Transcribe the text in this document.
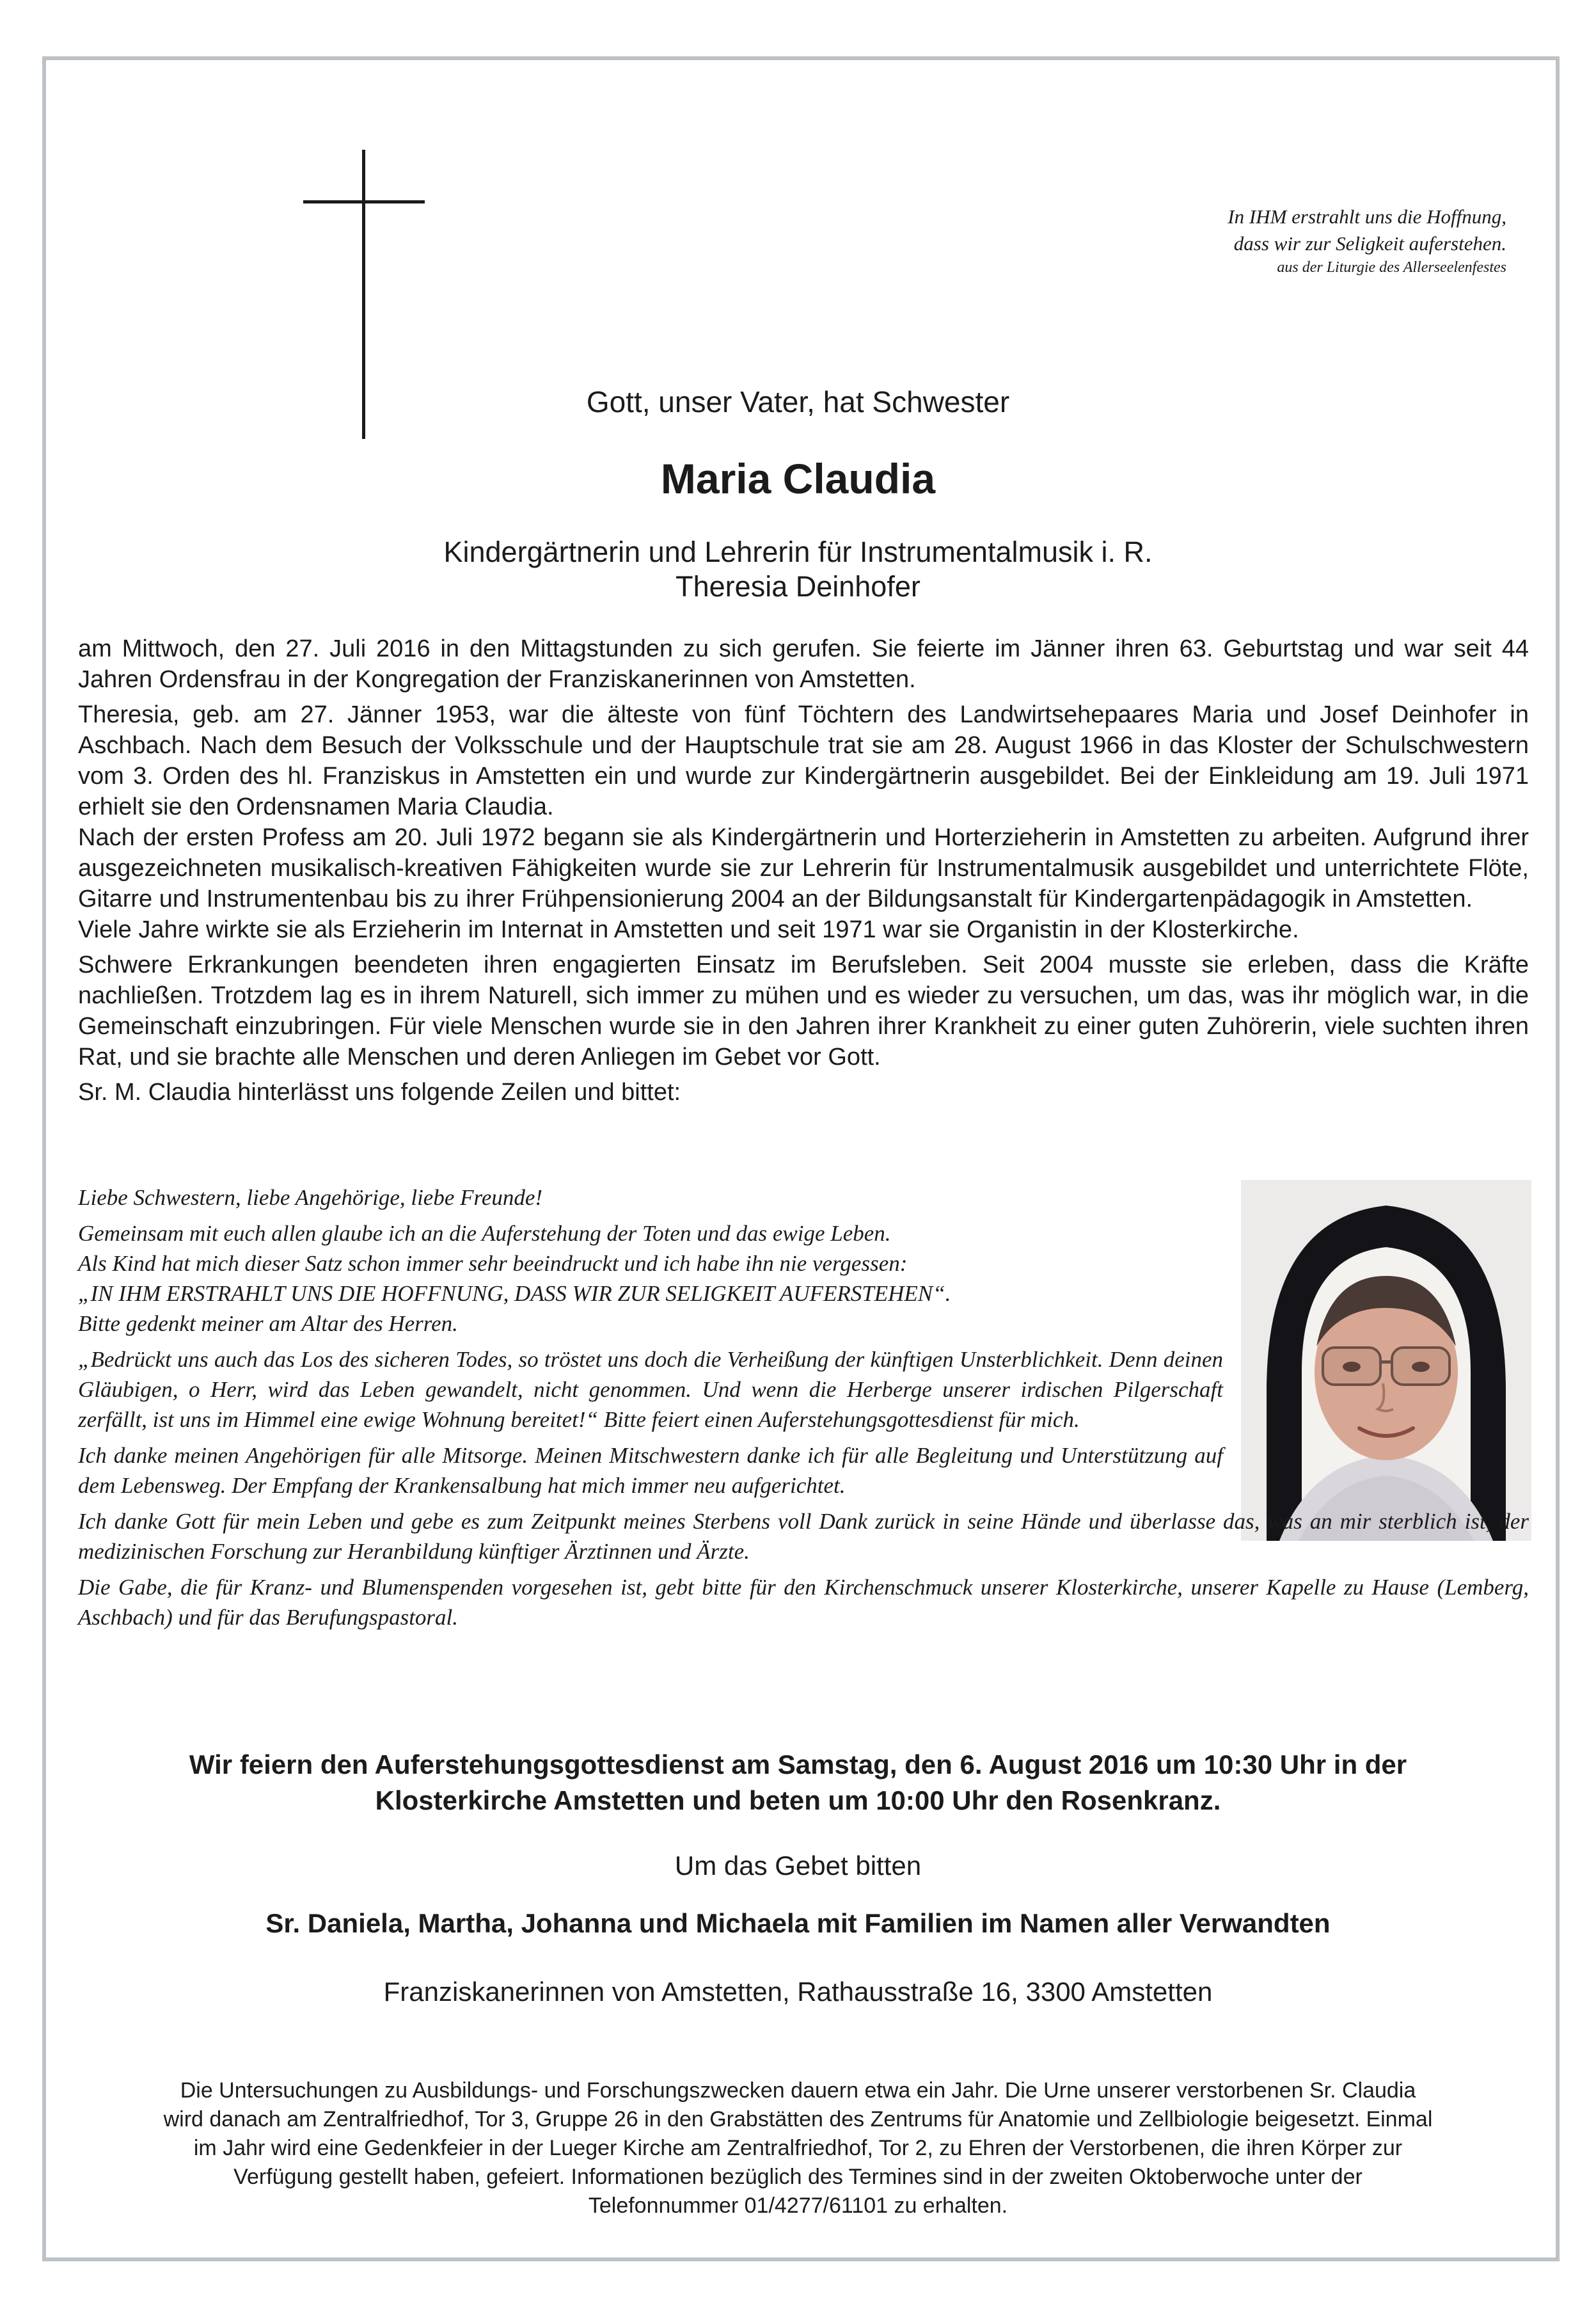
In IHM erstrahlt uns die Hoffnung,
dass wir zur Seligkeit auferstehen.
aus der Liturgie des Allerseelenfestes
Gott, unser Vater, hat Schwester
Maria Claudia
Kindergärtnerin und Lehrerin für Instrumentalmusik i. R.
Theresia Deinhofer

am Mittwoch, den 27. Juli 2016 in den Mittagstunden zu sich gerufen. Sie feierte im Jänner ihren 63. Geburtstag und war seit 44 Jahren Ordensfrau in der Kongregation der Franziskanerinnen von Amstetten.

Theresia, geb. am 27. Jänner 1953, war die älteste von fünf Töchtern des Landwirtsehepaares Maria und Josef Deinhofer in Aschbach. Nach dem Besuch der Volksschule und der Hauptschule trat sie am 28. August 1966 in das Kloster der Schulschwestern vom 3. Orden des hl. Franziskus in Amstetten ein und wurde zur Kindergärtnerin ausgebildet. Bei der Einkleidung am 19. Juli 1971 erhielt sie den Ordensnamen Maria Claudia.

Nach der ersten Profess am 20. Juli 1972 begann sie als Kindergärtnerin und Horterzieherin in Amstetten zu arbeiten. Aufgrund ihrer ausgezeichneten musikalisch-kreativen Fähigkeiten wurde sie zur Lehrerin für Instrumentalmusik ausgebildet und unterrichtete Flöte, Gitarre und Instrumentenbau bis zu ihrer Frühpensionierung 2004 an der Bildungsanstalt für Kindergartenpädagogik in Amstetten.

Viele Jahre wirkte sie als Erzieherin im Internat in Amstetten und seit 1971 war sie Organistin in der Klosterkirche.

Schwere Erkrankungen beendeten ihren engagierten Einsatz im Berufsleben. Seit 2004 musste sie erleben, dass die Kräfte nachließen. Trotzdem lag es in ihrem Naturell, sich immer zu mühen und es wieder zu versuchen, um das, was ihr möglich war, in die Gemeinschaft einzubringen. Für viele Menschen wurde sie in den Jahren ihrer Krankheit zu einer guten Zuhörerin, viele suchten ihren Rat, und sie brachte alle Menschen und deren Anliegen im Gebet vor Gott.

Sr. M. Claudia hinterlässt uns folgende Zeilen und bittet:

Liebe Schwestern, liebe Angehörige, liebe Freunde!

Gemeinsam mit euch allen glaube ich an die Auferstehung der Toten und das ewige Leben.
Als Kind hat mich dieser Satz schon immer sehr beeindruckt und ich habe ihn nie vergessen:
„IN IHM ERSTRAHLT UNS DIE HOFFNUNG, DASS WIR ZUR SELIGKEIT AUFERSTEHEN“.
Bitte gedenkt meiner am Altar des Herren.

„Bedrückt uns auch das Los des sicheren Todes, so tröstet uns doch die Verheißung der künftigen Unsterblichkeit. Denn deinen Gläubigen, o Herr, wird das Leben gewandelt, nicht genommen. Und wenn die Herberge unserer irdischen Pilgerschaft zerfällt, ist uns im Himmel eine ewige Wohnung bereitet!“ Bitte feiert einen Auferstehungsgottesdienst für mich.

Ich danke meinen Angehörigen für alle Mitsorge. Meinen Mitschwestern danke ich für alle Begleitung und Unterstützung auf dem Lebensweg. Der Empfang der Krankensalbung hat mich immer neu aufgerichtet.

Ich danke Gott für mein Leben und gebe es zum Zeitpunkt meines Sterbens voll Dank zurück in seine Hände und überlasse das, was an mir sterblich ist, der medizinischen Forschung zur Heranbildung künftiger Ärztinnen und Ärzte.

Die Gabe, die für Kranz- und Blumenspenden vorgesehen ist, gebt bitte für den Kirchenschmuck unserer Klosterkirche, unserer Kapelle zu Hause (Lemberg, Aschbach) und für das Berufungspastoral.

Wir feiern den Auferstehungsgottesdienst am Samstag, den 6. August 2016 um 10:30 Uhr in der Klosterkirche Amstetten und beten um 10:00 Uhr den Rosenkranz.
Um das Gebet bitten
Sr. Daniela, Martha, Johanna und Michaela mit Familien im Namen aller Verwandten
Franziskanerinnen von Amstetten, Rathausstraße 16, 3300 Amstetten
Die Untersuchungen zu Ausbildungs- und Forschungszwecken dauern etwa ein Jahr. Die Urne unserer verstorbenen Sr. Claudia wird danach am Zentralfriedhof, Tor 3, Gruppe 26 in den Grabstätten des Zentrums für Anatomie und Zellbiologie beigesetzt. Einmal im Jahr wird eine Gedenkfeier in der Lueger Kirche am Zentralfriedhof, Tor 2, zu Ehren der Verstorbenen, die ihren Körper zur Verfügung gestellt haben, gefeiert. Informationen bezüglich des Termines sind in der zweiten Oktoberwoche unter der Telefonnummer 01/4277/61101 zu erhalten.
